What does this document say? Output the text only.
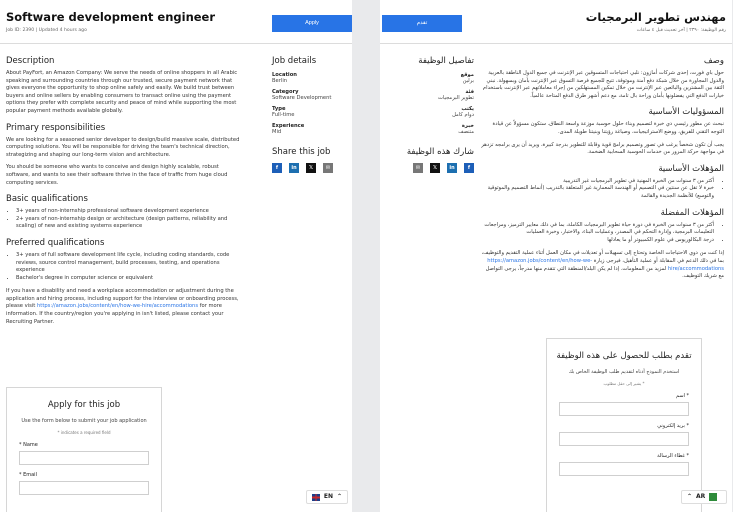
Software development engineer
Job ID: 2390 | Updated 4 hours ago
Apply
Description

About PayFort, an Amazon Company: We serve the needs of online shoppers in all Arabic speaking and surrounding countries through our trusted, secure payment network that gives everyone the opportunity to shop online safely and easily. We build trust between buyers and online sellers by enabling consumers to transact online using the payment options they prefer with complete security and peace of mind while supporting the most popular payment methods available globally.

Primary responsibilities

We are looking for a seasoned senior developer to design/build massive scale, distributed computing solutions. You will be responsible for driving the team's technical direction, strategizing and shaping our long-term vision and architecture.

You should be someone who wants to conceive and design highly scalable, robust software, and wants to see their software thrive in the face of traffic from huge cloud computing services.

Basic qualifications
• 3+ years of non-internship professional software development experience
• 2+ years of non-internship design or architecture (design patterns, reliability and scaling) of new and existing systems experience
Preferred qualifications
• 3+ years of full software development life cycle, including coding standards, code reviews, source control management, build processes, testing, and operations experience
• Bachelor's degree in computer science or equivalent

If you have a disability and need a workplace accommodation or adjustment during the application and hiring process, including support for the interview or onboarding process, please visit https://amazon.jobs/content/en/how-we-hire/accommodations for more information. If the country/region you're applying in isn't listed, please contact your Recruiting Partner.

Job details
Location
Berlin
Category
Software Development
Type
Full-time
Experience
Mid
Share this job
f	in	𝕏	✉
Apply for this job
Use the form below to submit your job application
* indicates a required field
* Name
* Email
EN ⌃
مهندس تطوير البرمجيات
رقم الوظيفة: ٢٣٩٠ | آخر تحديث قبل ٤ ساعات
تقدم
وصف

حول باي فورت، إحدى شركات أمازون: نلبي احتياجات المتسوقين عبر الإنترنت في جميع الدول الناطقة بالعربية والدول المجاورة من خلال شبكة دفع آمنة وموثوقة، تتيح للجميع فرصة التسوق عبر الإنترنت بأمان وبسهولة. نبني الثقة بين المشترين والبائعين عبر الإنترنت من خلال تمكين المستهلكين من إجراء معاملاتهم عبر الإنترنت باستخدام خيارات الدفع التي يفضلونها بأمان وراحة بال تامة، مع دعم أشهر طرق الدفع المتاحة عالمياً.

المسؤوليات الأساسية

نبحث عن مطور رئيسي ذي خبرة لتصميم وبناء حلول حوسبة موزعة واسعة النطاق. ستكون مسؤولاً عن قيادة التوجه التقني للفريق، ووضع الاستراتيجيات، وصياغة رؤيتنا وبنيتنا طويلة المدى.

يجب أن تكون شخصاً يرغب في تصور وتصميم برامج قوية وقابلة للتطوير بدرجة كبيرة، ويريد أن يرى برامجه تزدهر في مواجهة حركة المرور من خدمات الحوسبة السحابية الضخمة.

المؤهلات الأساسية
• أكثر من ٣ سنوات من الخبرة المهنية في تطوير البرمجيات غير التدريبية
• خبرة لا تقل عن سنتين في التصميم أو الهندسة المعمارية غير المتعلقة بالتدريب (أنماط التصميم والموثوقية والتوسع) للأنظمة الجديدة والقائمة
المؤهلات المفضلة
• أكثر من ٣ سنوات من الخبرة في دورة حياة تطوير البرمجيات الكاملة، بما في ذلك معايير الترميز، ومراجعات التعليمات البرمجية، وإدارة التحكم في المصدر، وعمليات البناء، والاختبار، وخبرة العمليات
• درجة البكالوريوس في علوم الكمبيوتر أو ما يعادلها

إذا كنت من ذوي الاحتياجات الخاصة وتحتاج إلى تسهيلات أو تعديلات في مكان العمل أثناء عملية التقديم والتوظيف، بما في ذلك الدعم في المقابلة أو عملية التأهيل، فيرجى زيارة https://amazon.jobs/content/en/how-we-hire/accommodations لمزيد من المعلومات. إذا لم يكن البلد/المنطقة التي تتقدم منها مدرجاً، يرجى التواصل مع شريك التوظيف.

تفاصيل الوظيفة
موقع
برلين
فئة
تطوير البرمجيات
يكتب
دوام كامل
خبرة
متنصف
شارك هذه الوظيفة
f
in
𝕏
✉
تقدم بطلب للحصول على هذه الوظيفة
استخدم النموذج أدناه لتقديم طلب الوظيفة الخاص بك
* يشير إلى حقل مطلوب
* اسم
* بريد إلكتروني
* غطاء الرسالة
⌃ AR
